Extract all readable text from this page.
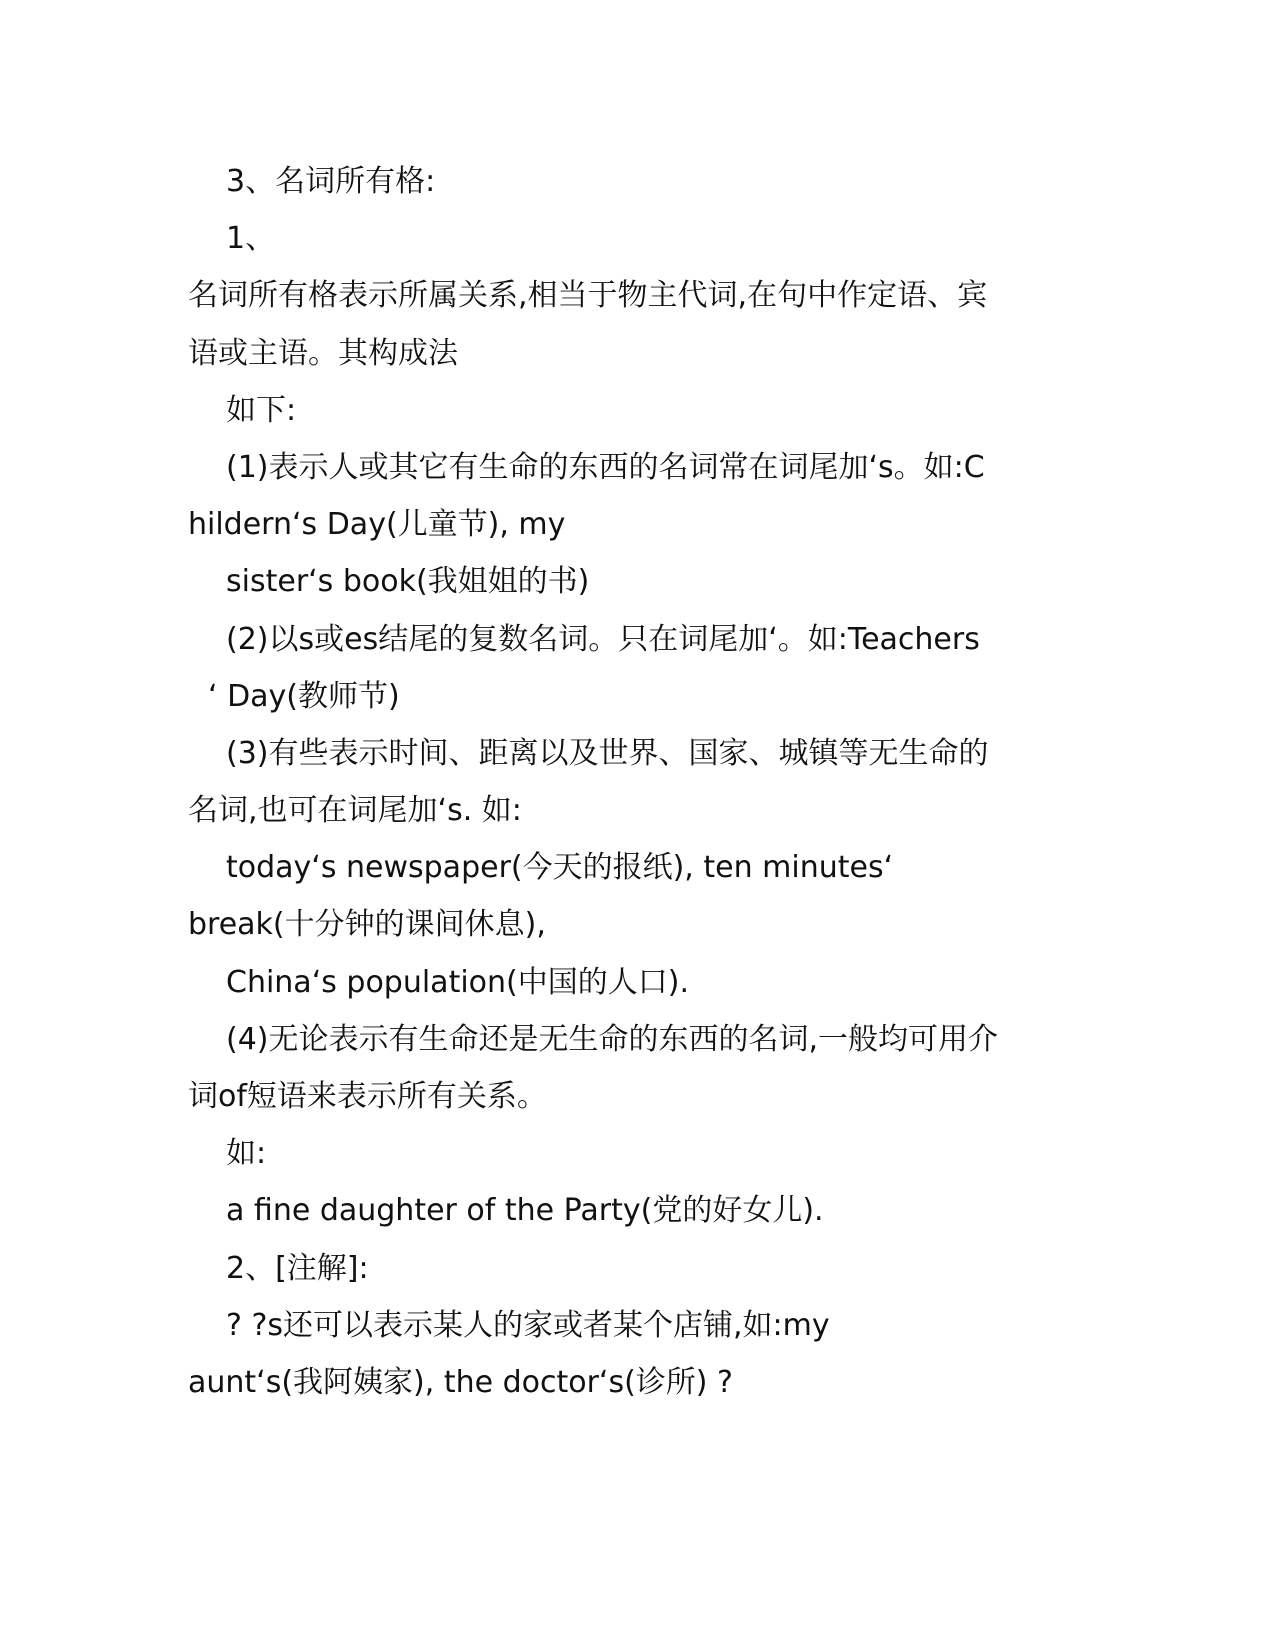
3、名词所有格:
1、
名词所有格表示所属关系,相当于物主代词,在句中作定语、宾
语或主语。其构成法
如下:
(1)表示人或其它有生命的东西的名词常在词尾加‘s。如:C
hildern‘s Day(儿童节), my
sister‘s book(我姐姐的书)
(2)以s或es结尾的复数名词。只在词尾加‘。如:Teachers
‘ Day(教师节)
(3)有些表示时间、距离以及世界、国家、城镇等无生命的
名词,也可在词尾加‘s. 如:
today‘s newspaper(今天的报纸), ten minutes‘
break(十分钟的课间休息),
China‘s population(中国的人口).
(4)无论表示有生命还是无生命的东西的名词,一般均可用介
词of短语来表示所有关系。
如:
a fine daughter of the Party(党的好女儿).
2、[注解]:
? ?s还可以表示某人的家或者某个店铺,如:my
aunt‘s(我阿姨家), the doctor‘s(诊所) ?
